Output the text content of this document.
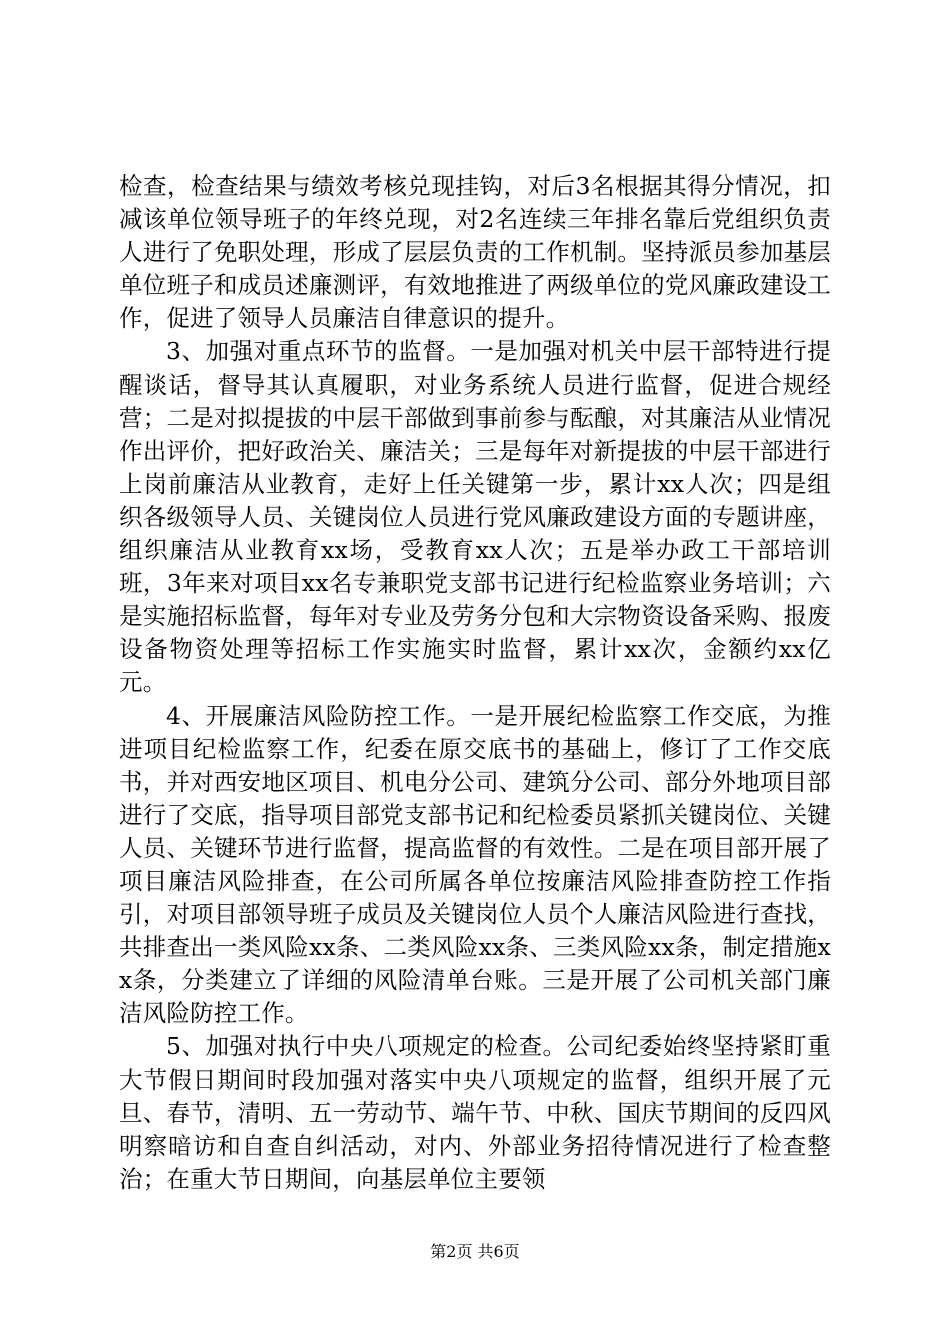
检查，检查结果与绩效考核兑现挂钩，对后3名根据其得分情况，扣减该单位领导班子的年终兑现，对2名连续三年排名靠后党组织负责人进行了免职处理，形成了层层负责的工作机制。坚持派员参加基层单位班子和成员述廉测评，有效地推进了两级单位的党风廉政建设工作，促进了领导人员廉洁自律意识的提升。

3、加强对重点环节的监督。一是加强对机关中层干部特进行提醒谈话，督导其认真履职，对业务系统人员进行监督，促进合规经营；二是对拟提拔的中层干部做到事前参与酝酿，对其廉洁从业情况作出评价，把好政治关、廉洁关；三是每年对新提拔的中层干部进行上岗前廉洁从业教育，走好上任关键第一步，累计xx人次；四是组织各级领导人员、关键岗位人员进行党风廉政建设方面的专题讲座，组织廉洁从业教育xx场，受教育xx人次；五是举办政工干部培训班，3年来对项目xx名专兼职党支部书记进行纪检监察业务培训；六是实施招标监督，每年对专业及劳务分包和大宗物资设备采购、报废设备物资处理等招标工作实施实时监督，累计xx次，金额约xx亿元。

4、开展廉洁风险防控工作。一是开展纪检监察工作交底，为推进项目纪检监察工作，纪委在原交底书的基础上，修订了工作交底书，并对西安地区项目、机电分公司、建筑分公司、部分外地项目部进行了交底，指导项目部党支部书记和纪检委员紧抓关键岗位、关键人员、关键环节进行监督，提高监督的有效性。二是在项目部开展了项目廉洁风险排查，在公司所属各单位按廉洁风险排查防控工作指引，对项目部领导班子成员及关键岗位人员个人廉洁风险进行查找，共排查出一类风险xx条、二类风险xx条、三类风险xx条，制定措施xx条，分类建立了详细的风险清单台账。三是开展了公司机关部门廉洁风险防控工作。

5、加强对执行中央八项规定的检查。公司纪委始终坚持紧盯重大节假日期间时段加强对落实中央八项规定的监督，组织开展了元旦、春节，清明、五一劳动节、端午节、中秋、国庆节期间的反四风明察暗访和自查自纠活动，对内、外部业务招待情况进行了检查整治；在重大节日期间，向基层单位主要领

第2页 共6页
